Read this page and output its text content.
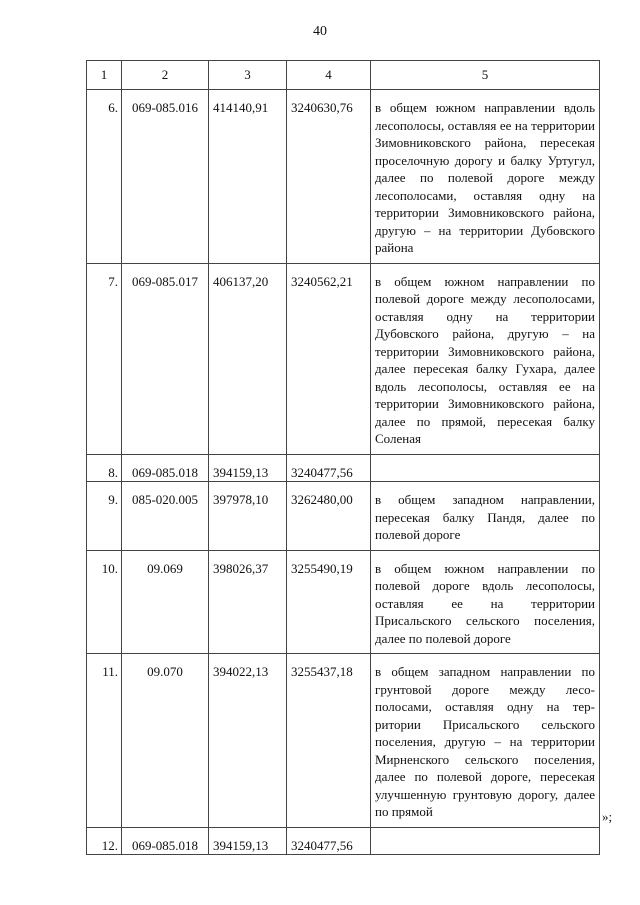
40
1	2	3	4	5
6.	069-085.016	414140,91	3240630,76	в общем южном направлении вдоль лесополосы, оставляя ее на территории Зимовниковского района, пересекая проселочную дорогу и балку Уртугул, далее по полевой дороге между лесополосами, оставляя одну на территории Зимовниковского района, другую – на территории Дубовского района
7.	069-085.017	406137,20	3240562,21	в общем южном направлении по полевой дороге между лесополосами, оставляя одну на территории Дубовского района, другую – на территории Зимовниковского района, далее пересекая балку Гухара, далее вдоль лесополосы, оставляя ее на территории Зимовниковского района, далее по прямой, пересекая балку Соленая
8.	069-085.018	394159,13	3240477,56	
9.	085-020.005	397978,10	3262480,00	в общем западном направлении, пересекая балку Пандя, далее по полевой дороге
10.	09.069	398026,37	3255490,19	в общем южном направлении по полевой дороге вдоль лесополосы, оставляя ее на территории Присальского сельского поселения, далее по полевой дороге
11.	09.070	394022,13	3255437,18	в общем западном направлении по грунтовой дороге между лесополосами, оставляя одну на территории Присальского сельского поселения, другую – на территории Мирненского сельского поселения, далее по полевой дороге, пересекая улучшенную грунтовую дорогу, далее по прямой
12.	069-085.018	394159,13	3240477,56	
»;
